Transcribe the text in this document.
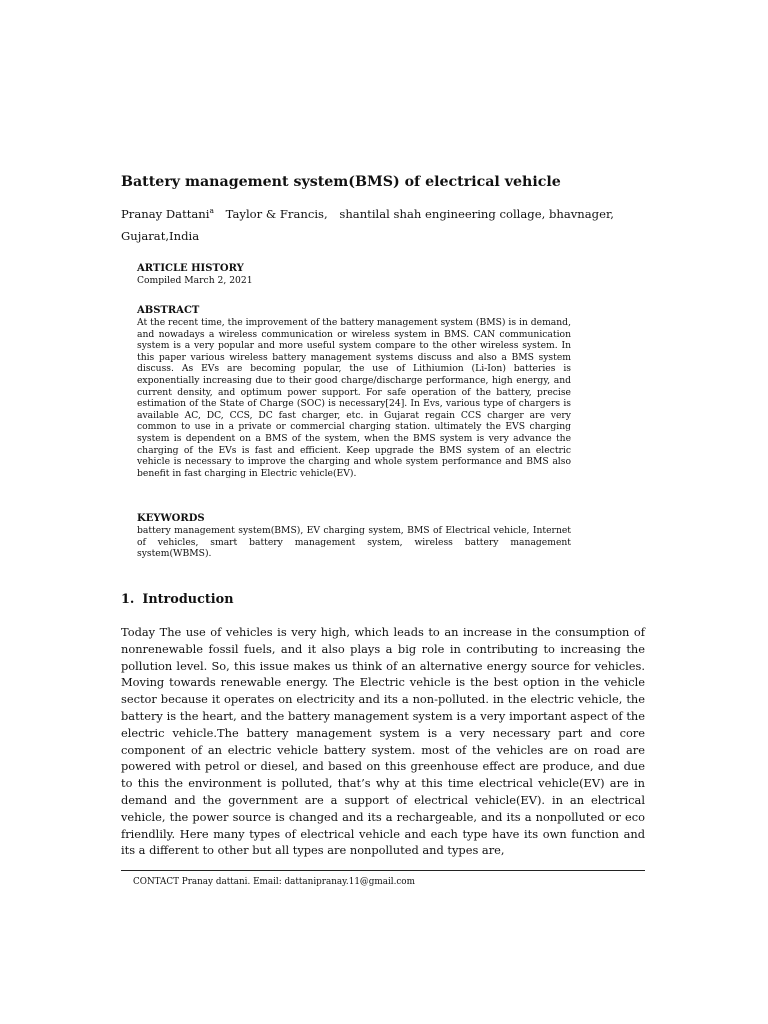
Battery management system(BMS) of electrical vehicle
Pranay Dattani$^a$ Taylor & Francis, shantilal shah engineering collage, bhavnager,
Gujarat,India
ARTICLE HISTORY

Compiled March 2, 2021

ABSTRACT

At the recent time, the improvement of the battery management system (BMS) is in demand, and nowadays a wireless communication or wireless system in BMS. CAN communication system is a very popular and more useful system compare to the other wireless system. In this paper various wireless battery management systems discuss and also a BMS system discuss. As EVs are becoming popular, the use of Lithiumion (Li-Ion) batteries is exponentially increasing due to their good charge/discharge performance, high energy, and current density, and optimum power support. For safe operation of the battery, precise estimation of the State of Charge (SOC) is necessary[24]. In Evs, various type of chargers is available AC, DC, CCS, DC fast charger, etc. in Gujarat regain CCS charger are very common to use in a private or commercial charging station. ultimately the EVS charging system is dependent on a BMS of the system, when the BMS system is very advance the charging of the EVs is fast and efficient. Keep upgrade the BMS system of an electric vehicle is necessary to improve the charging and whole system performance and BMS also benefit in fast charging in Electric vehicle(EV).

KEYWORDS

battery management system(BMS), EV charging system, BMS of Electrical vehicle, Internet of vehicles, smart battery management system, wireless battery management system(WBMS).

1. Introduction

Today The use of vehicles is very high, which leads to an increase in the consumption of nonrenewable fossil fuels, and it also plays a big role in contributing to increasing the pollution level. So, this issue makes us think of an alternative energy source for vehicles. Moving towards renewable energy. The Electric vehicle is the best option in the vehicle sector because it operates on electricity and its a non-polluted. in the electric vehicle, the battery is the heart, and the battery management system is a very important aspect of the electric vehicle.The battery management system is a very necessary part and core component of an electric vehicle battery system. most of the vehicles are on road are powered with petrol or diesel, and based on this greenhouse effect are produce, and due to this the environment is polluted, that’s why at this time electrical vehicle(EV) are in demand and the government are a support of electrical vehicle(EV). in an electrical vehicle, the power source is changed and its a rechargeable, and its a nonpolluted or eco friendlily. Here many types of electrical vehicle and each type have its own function and its a different to other but all types are nonpolluted and types are,

CONTACT Pranay dattani. Email: dattanipranay.11@gmail.com
